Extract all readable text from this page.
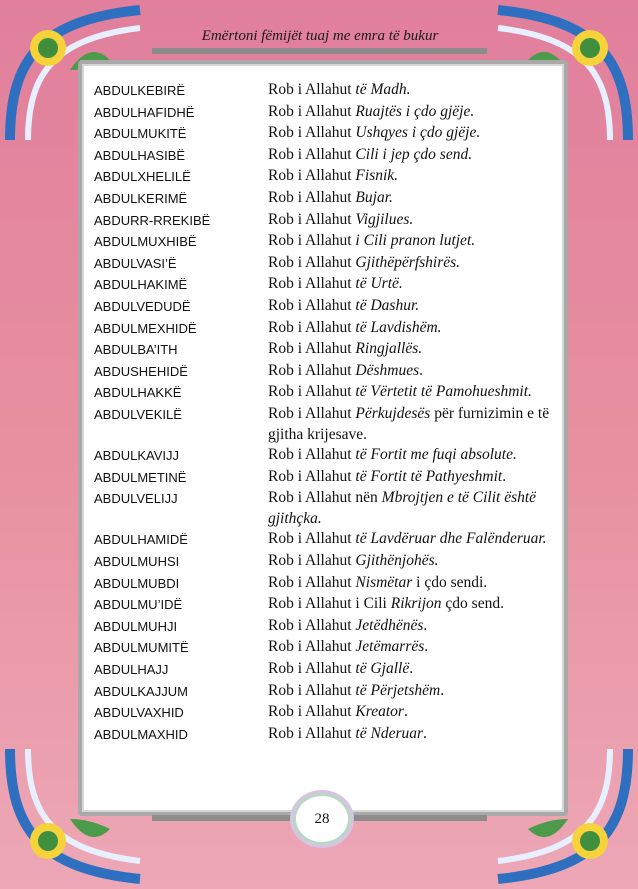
Emërtoni fëmijët tuaj me emra të bukur
ABDULKEBIRË	Rob i Allahut të Madh.
ABDULHAFIDHË	Rob i Allahut Ruajtës i çdo gjëje.
ABDULMUKITË	Rob i Allahut Ushqyes i çdo gjëje.
ABDULHASIBË	Rob i Allahut Cili i jep çdo send.
ABDULXHELILË	Rob i Allahut Fisnik.
ABDULKERIMË	Rob i Allahut Bujar.
ABDURR-RREKIBË	Rob i Allahut Vigjilues.
ABDULMUXHIBË	Rob i Allahut i Cili pranon lutjet.
ABDULVASI’Ë	Rob i Allahut Gjithëpërfshirës.
ABDULHAKIMË	Rob i Allahut të Urtë.
ABDULVEDUDË	Rob i Allahut të Dashur.
ABDULMEXHIDË	Rob i Allahut të Lavdishëm.
ABDULBA’ITH	Rob i Allahut Ringjallës.
ABDUSHEHIDË	Rob i Allahut Dëshmues.
ABDULHAKKË	Rob i Allahut të Vërtetit të Pamohueshmit.
ABDULVEKILË	Rob i Allahut Përkujdesës për furnizimin e të gjitha krijesave.
ABDULKAVIJJ	Rob i Allahut të Fortit me fuqi absolute.
ABDULMETINË	Rob i Allahut të Fortit të Pathyeshmit.
ABDULVELIJJ	Rob i Allahut nën Mbrojtjen e të Cilit është gjithçka.
ABDULHAMIDË	Rob i Allahut të Lavdëruar dhe Falënderuar.
ABDULMUHSI	Rob i Allahut Gjithënjohës.
ABDULMUBDI	Rob i Allahut Nismëtar i çdo sendi.
ABDULMU’IDË	Rob i Allahut i Cili Rikrijon çdo send.
ABDULMUHJI	Rob i Allahut Jetëdhënës.
ABDULMUMITË	Rob i Allahut Jetëmarrës.
ABDULHAJJ	Rob i Allahut të Gjallë.
ABDULKAJJUM	Rob i Allahut të Përjetshëm.
ABDULVAXHID	Rob i Allahut Kreator.
ABDULMAXHID	Rob i Allahut të Nderuar.
28
